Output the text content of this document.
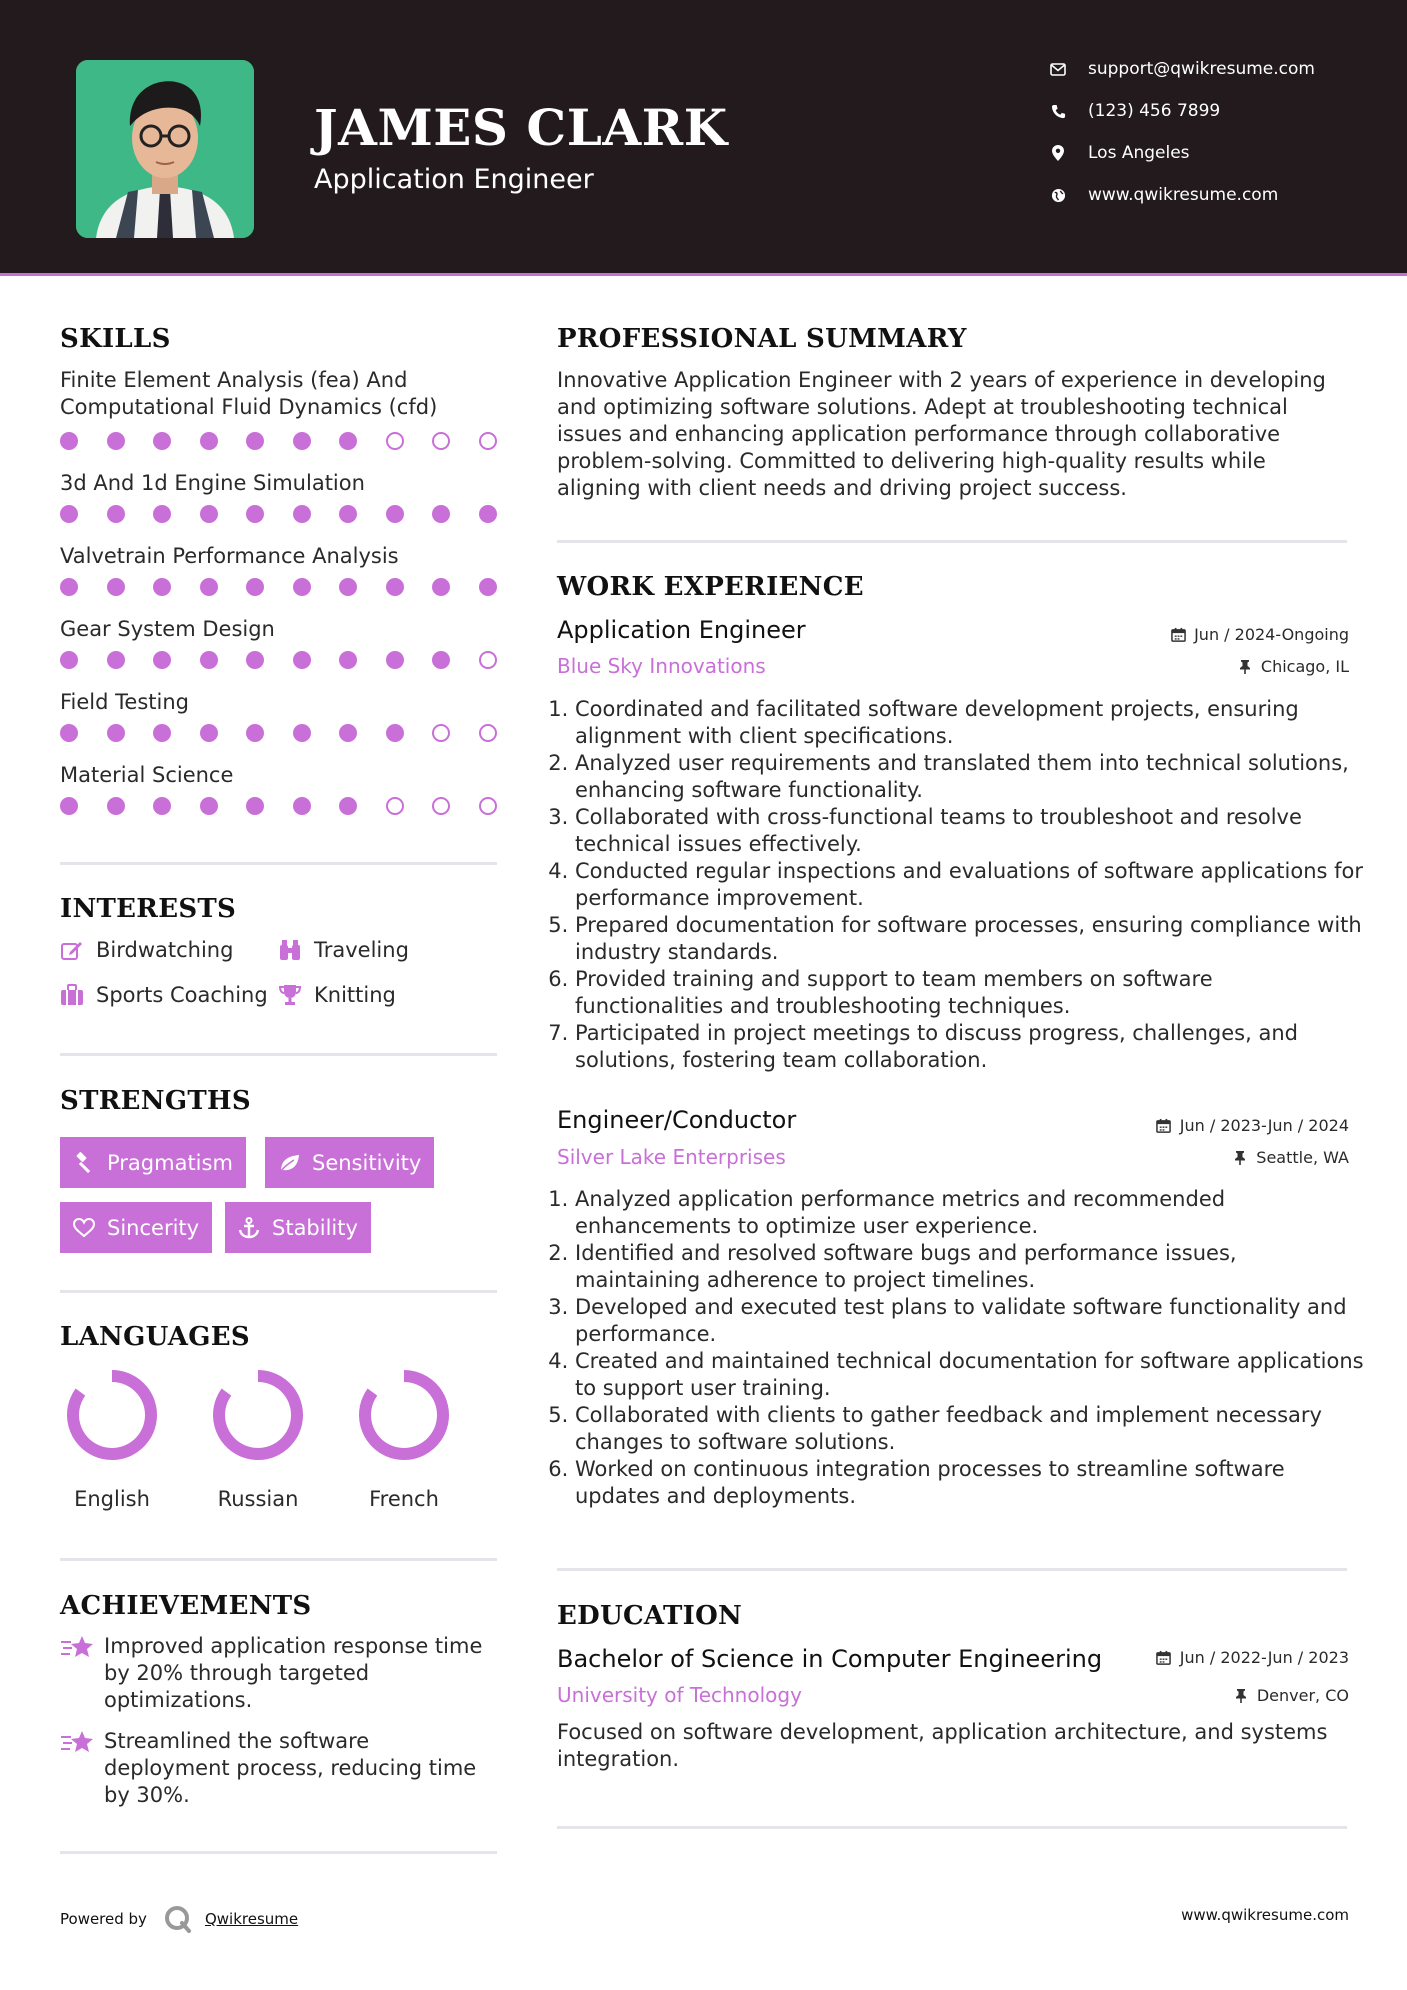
JAMES CLARK
Application Engineer
support@qwikresume.com
(123) 456 7899
Los Angeles
www.qwikresume.com
SKILLS
Finite Element Analysis (fea) And Computational Fluid Dynamics (cfd)
3d And 1d Engine Simulation
Valvetrain Performance Analysis
Gear System Design
Field Testing
Material Science
INTERESTS
Birdwatching	Traveling
Sports Coaching Knitting
STRENGTHS
Pragmatism	Sensitivity
Sincerity	Stability
LANGUAGES
English	Russian	French
ACHIEVEMENTS
Improved application response time by 20% through targeted optimizations.
Streamlined the software deployment process, reducing time by 30%.
PROFESSIONAL SUMMARY
Innovative Application Engineer with 2 years of experience in developing and optimizing software solutions. Adept at troubleshooting technical issues and enhancing application performance through collaborative problem-solving. Committed to delivering high-quality results while aligning with client needs and driving project success.
WORK EXPERIENCE
Application Engineer	Jun / 2024-Ongoing
Blue Sky Innovations	Chicago, IL
1. Coordinated and facilitated software development projects, ensuring alignment with client specifications.
2. Analyzed user requirements and translated them into technical solutions, enhancing software functionality.
3. Collaborated with cross-functional teams to troubleshoot and resolve technical issues effectively.
4. Conducted regular inspections and evaluations of software applications for performance improvement.
5. Prepared documentation for software processes, ensuring compliance with industry standards.
6. Provided training and support to team members on software functionalities and troubleshooting techniques.
7. Participated in project meetings to discuss progress, challenges, and solutions, fostering team collaboration.
Engineer/Conductor	Jun / 2023-Jun / 2024
Silver Lake Enterprises	Seattle, WA
1. Analyzed application performance metrics and recommended enhancements to optimize user experience.
2. Identified and resolved software bugs and performance issues, maintaining adherence to project timelines.
3. Developed and executed test plans to validate software functionality and performance.
4. Created and maintained technical documentation for software applications to support user training.
5. Collaborated with clients to gather feedback and implement necessary changes to software solutions.
6. Worked on continuous integration processes to streamline software updates and deployments.
EDUCATION
Bachelor of Science in Computer Engineering	Jun / 2022-Jun / 2023
University of Technology	Denver, CO
Focused on software development, application architecture, and systems integration.
Powered by	Qwikresume	www.qwikresume.com
